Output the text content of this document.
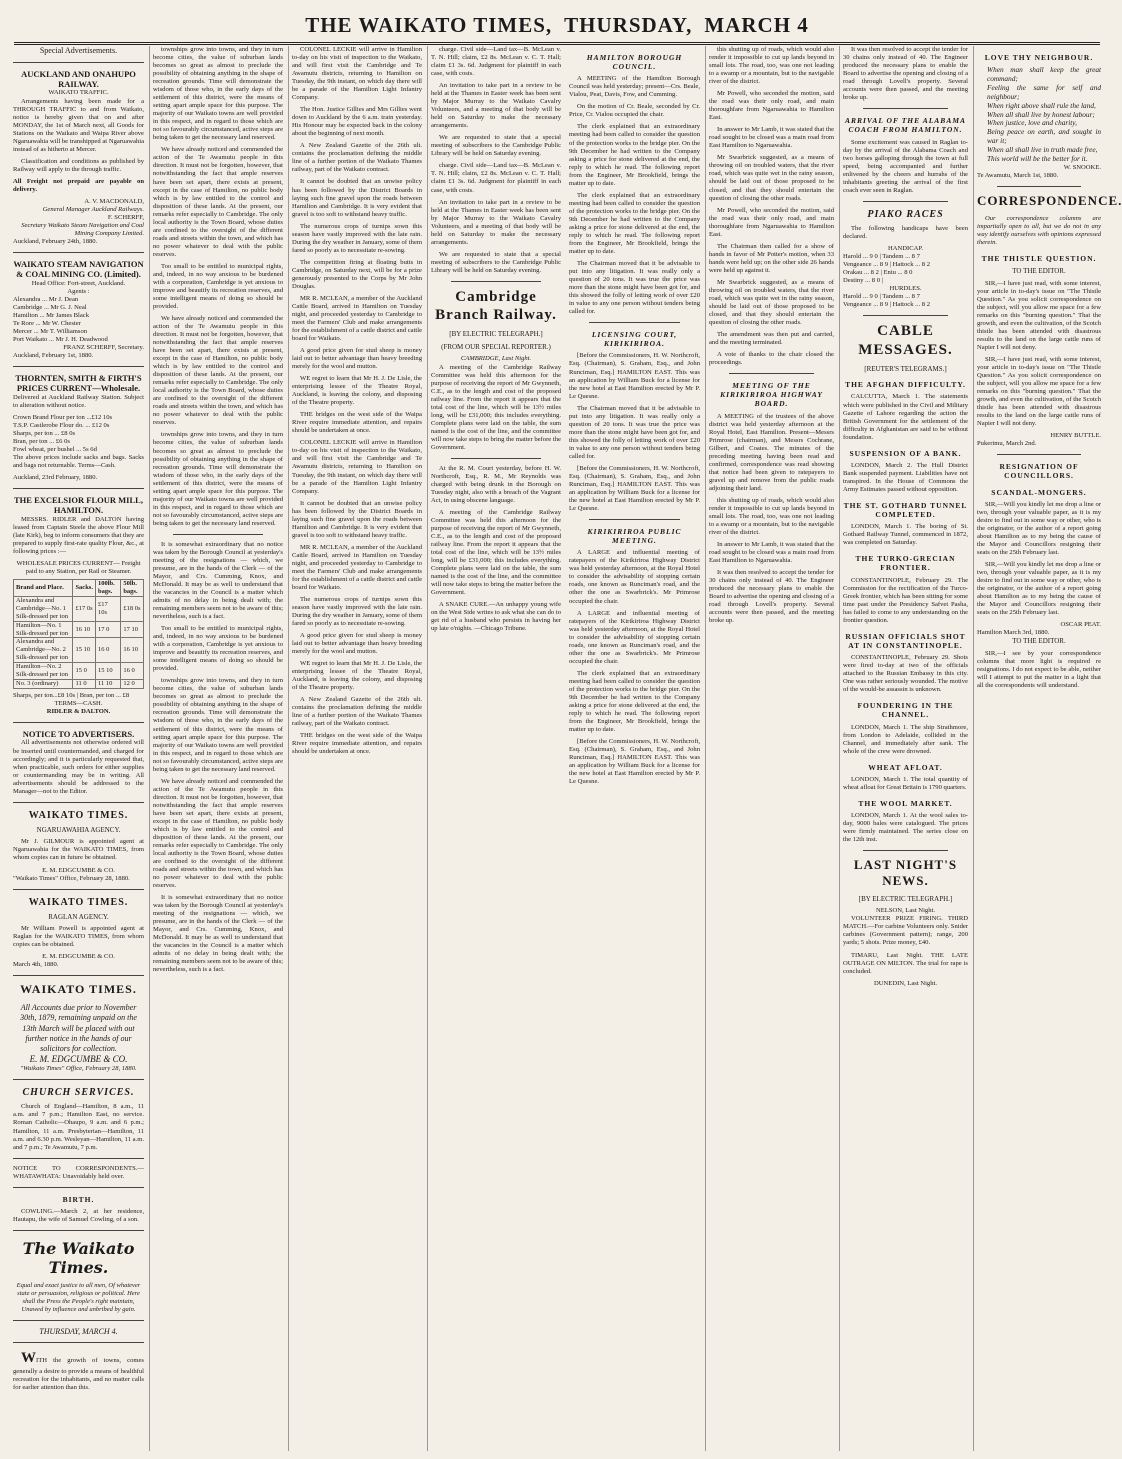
THE WAIKATO TIMES, THURSDAY, MARCH 4
Special Advertisements.
AUCKLAND AND ONAHUPO RAILWAY.
WAIKATO TRAFFIC.

Arrangements having been made for a THROUGH TRAFFIC to and from Waikato, notice is hereby given that on and after MONDAY, the 1st of March next, all Goods for Stations on the Waikato and Waipa River above Ngaruawahia will be transhipped at Ngaruawahia instead of as hitherto at Mercer.

Classification and conditions as published by Railway will apply to the through traffic.

All Freight not prepaid are payable on delivery.

A. V. MACDONALD,
General Manager Auckland Railways.
F. SCHERFF,
Secretary Waikato Steam Navigation and Coal Mining Company Limited.
Auckland, February 24th, 1880.
WAIKATO STEAM NAVIGATION & COAL MINING CO. (Limited).
Head Office: Fort-street, Auckland.
Agents :
Alexandra ... Mr J. Dean
Cambridge ... Mr G. J. Neal
Hamilton ... Mr James Black
Te Rore ... Mr W. Chester
Mercer ... Mr T. Williamson
Port Waikato ... Mr J. H. Deadwood
FRANZ SCHERFF, Secretary.
Auckland, February 1st, 1880.
THORNTEN, SMITH & FIRTH'S PRICES CURRENT—Wholesale.

Delivered at Auckland Railway Station. Subject to alteration without notice.

Crown Brand Flour per ton ...£12 10s
T.S.P. Castlerobe Flour do. ... £12 0s
Sharps, per ton ... £8 0s
Bran, per ton ... £6 0s
Fowl wheat, per bushel ... 5s 6d

The above prices include sacks and bags. Sacks and bags not returnable. Terms—Cash.

Auckland, 23rd February, 1880.
THE EXCELSIOR FLOUR MILL, HAMILTON.

MESSRS. RIDLER and DALTON having leased from Captain Steele the above Flour Mill (late Kirk), beg to inform consumers that they are prepared to supply first-rate quality Flour, &c., at following prices :—

WHOLESALE PRICES CURRENT— Freight paid to any Station, per Rail or Steamer.
Brand and Place.	Sacks.	100lb. bags.	50lb. bags.
Alexandra and Cambridge—No. 1 Silk-dressed per ton	£17 0s	£17 10s	£18 0s
Hamilton—No. 1 Silk-dressed per ton	16 10	17 0	17 10
Alexandra and Cambridge—No. 2 Silk-dressed per ton	15 10	16 0	16 10
Hamilton—No. 2 Silk-dressed per ton	15 0	15 10	16 0
No. 3 (ordinary)	11 0	11 10	12 0
Sharps, per ton...£8 10s | Bran, per ton ... £8
TERMS—CASH.
RIDLER & DALTON.
NOTICE TO ADVERTISERS.

All advertisements not otherwise ordered will be inserted until countermanded, and charged for accordingly; and it is particularly requested that, when practicable, such orders for either supplies or countermanding may be in writing. All advertisements should be addressed to the Manager—not to the Editor.

WAIKATO TIMES.
NGARUAWAHIA AGENCY.

Mr J. GILMOUR is appointed agent at Ngaruawahia for the WAIKATO TIMES, from whom copies can in future be obtained.

E. M. EDGCUMBE & CO.
"Waikato Times" Office, February 28, 1880.
WAIKATO TIMES.
RAGLAN AGENCY.

Mr William Powell is appointed agent at Raglan for the WAIKATO TIMES, from whom copies can be obtained.

E. M. EDGCUMBE & CO.
March 4th, 1880.
WAIKATO TIMES.
All Accounts due prior to November 30th, 1879, remaining unpaid on the 13th March will be placed with out further notice in the hands of our solicitors for collection.
E. M. EDGCUMBE & CO.
"Waikato Times" Office, February 28, 1880.
CHURCH SERVICES.

Church of England—Hamilton, 8 a.m., 11 a.m. and 7 p.m.; Hamilton East, no service. Roman Catholic—Ohaupo, 9 a.m. and 6 p.m.; Hamilton, 11 a.m. Presbyterian—Hamilton, 11 a.m. and 6.30 p.m. Wesleyan—Hamilton, 11 a.m. and 7 p.m.; Te Awamutu, 7 p.m.

NOTICE TO CORRESPONDENTS.—WHATAWHATA: Unavoidably held over.

BIRTH.

COWLING.—March 2, at her residence, Hautapu, the wife of Samuel Cowling, of a son.

The Waikato Times.
Equal and exact justice to all men, Of whatever state or persuasion, religious or political. Here shall the Press the People's right maintain, Unawed by influence and unbribed by gain.
THURSDAY, MARCH 4.

WITH the growth of towns, comes generally a desire to provide a means of healthful recreation for the inhabitants, and no matter calls for earlier attention than this.

townships grow into towns, and they in turn become cities, the value of suburban lands becomes so great as almost to preclude the possibility of obtaining anything in the shape of recreation grounds. Time will demonstrate the wisdom of those who, in the early days of the settlement of this district, were the means of setting apart ample space for this purpose. The majority of our Waikato towns are well provided in this respect, and in regard to those which are not so favourably circumstanced, active steps are being taken to get the necessary land reserved.

We have already noticed and commended the action of the Te Awamutu people in this direction. It must not be forgotten, however, that notwithstanding the fact that ample reserves have been set apart, there exists at present, except in the case of Hamilton, no public body which is by law entitled to the control and disposition of these lands. At the present, our remarks refer especially to Cambridge. The only local authority is the Town Board, whose duties are confined to the oversight of the different roads and streets within the town, and which has no power whatever to deal with the public reserves.

Too small to be entitled to municipal rights, and, indeed, in no way anxious to be burdened with a corporation, Cambridge is yet anxious to improve and beautify its recreation reserves, and some intelligent means of doing so should be provided.

We have already noticed and commended the action of the Te Awamutu people in this direction. It must not be forgotten, however, that notwithstanding the fact that ample reserves have been set apart, there exists at present, except in the case of Hamilton, no public body which is by law entitled to the control and disposition of these lands. At the present, our remarks refer especially to Cambridge. The only local authority is the Town Board, whose duties are confined to the oversight of the different roads and streets within the town, and which has no power whatever to deal with the public reserves.

townships grow into towns, and they in turn become cities, the value of suburban lands becomes so great as almost to preclude the possibility of obtaining anything in the shape of recreation grounds. Time will demonstrate the wisdom of those who, in the early days of the settlement of this district, were the means of setting apart ample space for this purpose. The majority of our Waikato towns are well provided in this respect, and in regard to those which are not so favourably circumstanced, active steps are being taken to get the necessary land reserved.

It is somewhat extraordinary that no notice was taken by the Borough Council at yesterday's meeting of the resignations — which, we presume, are in the hands of the Clerk — of the Mayor, and Crs. Cumming, Knox, and McDonald. It may be as well to understand that the vacancies in the Council is a matter which admits of no delay in being dealt with; the remaining members seem not to be aware of this; nevertheless, such is a fact.

Too small to be entitled to municipal rights, and, indeed, in no way anxious to be burdened with a corporation, Cambridge is yet anxious to improve and beautify its recreation reserves, and some intelligent means of doing so should be provided.

townships grow into towns, and they in turn become cities, the value of suburban lands becomes so great as almost to preclude the possibility of obtaining anything in the shape of recreation grounds. Time will demonstrate the wisdom of those who, in the early days of the settlement of this district, were the means of setting apart ample space for this purpose. The majority of our Waikato towns are well provided in this respect, and in regard to those which are not so favourably circumstanced, active steps are being taken to get the necessary land reserved.

We have already noticed and commended the action of the Te Awamutu people in this direction. It must not be forgotten, however, that notwithstanding the fact that ample reserves have been set apart, there exists at present, except in the case of Hamilton, no public body which is by law entitled to the control and disposition of these lands. At the present, our remarks refer especially to Cambridge. The only local authority is the Town Board, whose duties are confined to the oversight of the different roads and streets within the town, and which has no power whatever to deal with the public reserves.

It is somewhat extraordinary that no notice was taken by the Borough Council at yesterday's meeting of the resignations — which, we presume, are in the hands of the Clerk — of the Mayor, and Crs. Cumming, Knox, and McDonald. It may be as well to understand that the vacancies in the Council is a matter which admits of no delay in being dealt with; the remaining members seem not to be aware of this; nevertheless, such is a fact.

COLONEL LECKIE will arrive in Hamilton to-day on his visit of inspection to the Waikato, and will first visit the Cambridge and Te Awamutu districts, returning to Hamilton on Tuesday, the 9th instant, on which day there will be a parade of the Hamilton Light Infantry Company.

The Hon. Justice Gillies and Mrs Gillies went down to Auckland by the 6 a.m. train yesterday. His Honour may be expected back in the colony about the beginning of next month.

A New Zealand Gazette of the 26th ult. contains the proclamation defining the middle line of a further portion of the Waikato Thames railway, part of the Waikato contract.

It cannot be doubted that an unwise policy has been followed by the District Boards in laying such fine gravel upon the roads between Hamilton and Cambridge. It is very evident that gravel is too soft to withstand heavy traffic.

The numerous crops of turnips sown this season have vastly improved with the late rain. During the dry weather in January, some of them fared so poorly as to necessitate re-sowing.

The competition firing at floating butts in Cambridge, on Saturday next, will be for a prize generously presented to the Corps by Mr John Douglas.

MR R. MCLEAN, a member of the Auckland Cattle Board, arrived in Hamilton on Tuesday night, and proceeded yesterday to Cambridge to meet the Farmers' Club and make arrangements for the establishment of a cattle district and cattle board for Waikato.

A good price given for stud sheep is money laid out to better advantage than heavy breeding merely for the wool and mutton.

WE regret to learn that Mr H. J. De Lisle, the enterprising lessee of the Theatre Royal, Auckland, is leaving the colony, and disposing of the Theatre property.

THE bridges on the west side of the Waipa River require immediate attention, and repairs should be undertaken at once.

COLONEL LECKIE will arrive in Hamilton to-day on his visit of inspection to the Waikato, and will first visit the Cambridge and Te Awamutu districts, returning to Hamilton on Tuesday, the 9th instant, on which day there will be a parade of the Hamilton Light Infantry Company.

It cannot be doubted that an unwise policy has been followed by the District Boards in laying such fine gravel upon the roads between Hamilton and Cambridge. It is very evident that gravel is too soft to withstand heavy traffic.

MR R. MCLEAN, a member of the Auckland Cattle Board, arrived in Hamilton on Tuesday night, and proceeded yesterday to Cambridge to meet the Farmers' Club and make arrangements for the establishment of a cattle district and cattle board for Waikato.

The numerous crops of turnips sown this season have vastly improved with the late rain. During the dry weather in January, some of them fared so poorly as to necessitate re-sowing.

A good price given for stud sheep is money laid out to better advantage than heavy breeding merely for the wool and mutton.

WE regret to learn that Mr H. J. De Lisle, the enterprising lessee of the Theatre Royal, Auckland, is leaving the colony, and disposing of the Theatre property.

A New Zealand Gazette of the 26th ult. contains the proclamation defining the middle line of a further portion of the Waikato Thames railway, part of the Waikato contract.

THE bridges on the west side of the Waipa River require immediate attention, and repairs should be undertaken at once.

charge. Civil side—Land tax—B. McLean v. T. N. Hill; claim, £2 8s. McLean v. C. T. Hall; claim £1 3s. 6d. Judgment for plaintiff in each case, with costs.

An invitation to take part in a review to be held at the Thames in Easter week has been sent by Major Murray to the Waikato Cavalry Volunteers, and a meeting of that body will be held on Saturday to make the necessary arrangements.

We are requested to state that a special meeting of subscribers to the Cambridge Public Library will be held on Saturday evening.

charge. Civil side—Land tax—B. McLean v. T. N. Hill; claim, £2 8s. McLean v. C. T. Hall; claim £1 3s. 6d. Judgment for plaintiff in each case, with costs.

An invitation to take part in a review to be held at the Thames in Easter week has been sent by Major Murray to the Waikato Cavalry Volunteers, and a meeting of that body will be held on Saturday to make the necessary arrangements.

We are requested to state that a special meeting of subscribers to the Cambridge Public Library will be held on Saturday evening.

Cambridge Branch Railway.
[BY ELECTRIC TELEGRAPH.]
(FROM OUR SPECIAL REPORTER.)
CAMBRIDGE, Last Night.

A meeting of the Cambridge Railway Committee was held this afternoon for the purpose of receiving the report of Mr Gwynneth, C.E., as to the length and cost of the proposed railway line. From the report it appears that the total cost of the line, which will be 13½ miles long, will be £31,000; this includes everything. Complete plans were laid on the table, the sum named is the cost of the line, and the committee will now take steps to bring the matter before the Government.

At the R. M. Court yesterday, before H. W. Northcroft, Esq., R. M., Mr Reynolds was charged with being drunk in the Borough on Tuesday night, also with a breach of the Vagrant Act, in using obscene language.

A meeting of the Cambridge Railway Committee was held this afternoon for the purpose of receiving the report of Mr Gwynneth, C.E., as to the length and cost of the proposed railway line. From the report it appears that the total cost of the line, which will be 13½ miles long, will be £31,000; this includes everything. Complete plans were laid on the table, the sum named is the cost of the line, and the committee will now take steps to bring the matter before the Government.

A SNAKE CURE.—An unhappy young wife on the West Side writes to ask what she can do to get rid of a husband who persists in having her up late o'nights. —Chicago Tribune.

HAMILTON BOROUGH COUNCIL.

A MEETING of the Hamilton Borough Council was held yesterday; present—Crs. Beale, Vialou, Peat, Davis, Fow, and Cumming.

On the motion of Cr. Beale, seconded by Cr. Price, Cr. Vialou occupied the chair.

The clerk explained that an extraordinary meeting had been called to consider the question of the protection works to the bridge pier. On the 9th December he had written to the Company asking a price for stone delivered at the end, the reply to which he read. The following report from the Engineer, Mr Brookfield, brings the matter up to date.

The clerk explained that an extraordinary meeting had been called to consider the question of the protection works to the bridge pier. On the 9th December he had written to the Company asking a price for stone delivered at the end, the reply to which he read. The following report from the Engineer, Mr Brookfield, brings the matter up to date.

The Chairman moved that it be advisable to put into any litigation. It was really only a question of 20 tons. It was true the price was more than the stone might have been got for, and this showed the folly of letting work of over £20 in value to any one person without tenders being called for.

LICENSING COURT, KIRIKIRIROA.

[Before the Commissioners, H. W. Northcroft, Esq. (Chairman), S. Graham, Esq., and John Runciman, Esq.] HAMILTON EAST. This was an application by William Buck for a license for the new hotel at East Hamilton erected by Mr P. Le Quesne.

The Chairman moved that it be advisable to put into any litigation. It was really only a question of 20 tons. It was true the price was more than the stone might have been got for, and this showed the folly of letting work of over £20 in value to any one person without tenders being called for.

[Before the Commissioners, H. W. Northcroft, Esq. (Chairman), S. Graham, Esq., and John Runciman, Esq.] HAMILTON EAST. This was an application by William Buck for a license for the new hotel at East Hamilton erected by Mr P. Le Quesne.

KIRIKIRIROA PUBLIC MEETING.

A LARGE and influential meeting of ratepayers of the Kirikiriroa Highway District was held yesterday afternoon, at the Royal Hotel to consider the advisability of stopping certain roads, one known as Runciman's road, and the other the one as Swarbrick's. Mr Primrose occupied the chair.

A LARGE and influential meeting of ratepayers of the Kirikiriroa Highway District was held yesterday afternoon, at the Royal Hotel to consider the advisability of stopping certain roads, one known as Runciman's road, and the other the one as Swarbrick's. Mr Primrose occupied the chair.

The clerk explained that an extraordinary meeting had been called to consider the question of the protection works to the bridge pier. On the 9th December he had written to the Company asking a price for stone delivered at the end, the reply to which he read. The following report from the Engineer, Mr Brookfield, brings the matter up to date.

[Before the Commissioners, H. W. Northcroft, Esq. (Chairman), S. Graham, Esq., and John Runciman, Esq.] HAMILTON EAST. This was an application by William Buck for a license for the new hotel at East Hamilton erected by Mr P. Le Quesne.

this shutting up of roads, which would also render it impossible to cut up lands beyond in small lots. The road, too, was one not leading to a swamp or a mountain, but to the navigable river of the district.

Mr Powell, who seconded the motion, said the road was their only road, and main thoroughfare from Ngaruawahia to Hamilton East.

In answer to Mr Lamb, it was stated that the road sought to be closed was a main road from East Hamilton to Ngaruawahia.

Mr Swarbrick suggested, as a means of throwing oil on troubled waters, that the river road, which was quite wet in the rainy season, should be laid out of those proposed to be closed, and that they should entertain the question of closing the other roads.

Mr Powell, who seconded the motion, said the road was their only road, and main thoroughfare from Ngaruawahia to Hamilton East.

The Chairman then called for a show of hands in favor of Mr Potter's motion, when 33 hands were held up; on the other side 26 hands were held up against it.

Mr Swarbrick suggested, as a means of throwing oil on troubled waters, that the river road, which was quite wet in the rainy season, should be laid out of those proposed to be closed, and that they should entertain the question of closing the other roads.

The amendment was then put and carried, and the meeting terminated.

A vote of thanks to the chair closed the proceedings.

MEETING OF THE KIRIKIRIROA HIGHWAY BOARD.

A MEETING of the trustees of the above district was held yesterday afternoon at the Royal Hotel, East Hamilton. Present—Messrs Primrose (chairman), and Messrs Cochrane, Gilbert, and Coates. The minutes of the preceding meeting having been read and confirmed, correspondence was read showing that notice had been given to ratepayers to gravel up and remove from the public roads adjoining their land.

this shutting up of roads, which would also render it impossible to cut up lands beyond in small lots. The road, too, was one not leading to a swamp or a mountain, but to the navigable river of the district.

In answer to Mr Lamb, it was stated that the road sought to be closed was a main road from East Hamilton to Ngaruawahia.

It was then resolved to accept the tender for 30 chains only instead of 40. The Engineer produced the necessary plans to enable the Board to advertise the opening and closing of a road through Lovell's property. Several accounts were then passed, and the meeting broke up.

It was then resolved to accept the tender for 30 chains only instead of 40. The Engineer produced the necessary plans to enable the Board to advertise the opening and closing of a road through Lovell's property. Several accounts were then passed, and the meeting broke up.

ARRIVAL OF THE ALABAMA COACH FROM HAMILTON.

Some excitement was caused in Raglan to-day by the arrival of the Alabama Coach and two horses galloping through the town at full speed, being accompanied and further enlivened by the cheers and hurrahs of the inhabitants greeting the arrival of the first coach ever seen in Raglan.

PIAKO RACES

The following handicaps have been declared.

HANDICAP.
Harold ... 9 0 | Tandem ... 8 7
Vengeance ... 8 9 | Hattock ... 8 2
Orakau ... 8 2 | Eniu ... 8 0
Destiny ... 8 0 |
HURDLES.
Harold ... 9 0 | Tandem ... 8 7
Vengeance ... 8 9 | Hattock ... 8 2
CABLE MESSAGES.
[REUTER'S TELEGRAMS.]
THE AFGHAN DIFFICULTY.

CALCUTTA, March 1. The statements which were published in the Civil and Military Gazette of Lahore regarding the action the British Government for the settlement of the difficulty in Afghanistan are said to be without foundation.

SUSPENSION OF A BANK.

LONDON, March 2. The Hull District Bank suspended payment. Liabilities have not transpired. In the House of Commons the Army Estimates passed without opposition.

THE ST. GOTHARD TUNNEL COMPLETED.

LONDON, March 1. The boring of St. Gothard Railway Tunnel, commenced in 1872, was completed on Saturday.

THE TURKO-GRECIAN FRONTIER.

CONSTANTINOPLE, February 29. The Commission for the rectification of the Turco-Greek frontier, which has been sitting for some time past under the Presidency Safvet Pasha, has failed to come to any understanding on the frontier question.

RUSSIAN OFFICIALS SHOT AT IN CONSTANTINOPLE.

CONSTANTINOPLE, February 29. Shots were fired to-day at two of the officials attached to the Russian Embassy in this city. One was rather seriously wounded. The motive of the would-be assassin is unknown.

FOUNDERING IN THE CHANNEL.

LONDON, March 1. The ship Strathmore, from London to Adelaide, collided in the Channel, and immediately after sank. The whole of the crew were drowned.

WHEAT AFLOAT.

LONDON, March 1. The total quantity of wheat afloat for Great Britain is 1790 quarters.

THE WOOL MARKET.

LONDON, March 1. At the wool sales to-day, 9000 bales were catalogued. The prices were firmly maintained. The series close on the 12th inst.

LAST NIGHT'S NEWS.
[BY ELECTRIC TELEGRAPH.]
NELSON, Last Night.

VOLUNTEER PRIZE FIRING. THIRD MATCH.—For carbine Volunteers only. Snider carbines (Government pattern); range, 200 yards; 5 shots. Prize money, £40.

TIMARU, Last Night. THE LATE OUTRAGE ON MILTON. The trial for rape is concluded.

DUNEDIN, Last Night.
LOVE THY NEIGHBOUR.
When man shall keep the great command;
Feeling the same for self and neighbour;
When right above shall rule the land,
When all shall live by honest labour;
When justice, love and charity,
Being peace on earth, and sought in war it;
When all shall live in truth made free,
This world will be the better for it.
W. SNOOKE.
Te Awamutu, March 1st, 1880.
CORRESPONDENCE.

Our correspondence columns are impartially open to all, but we do not in any way identify ourselves with opinions expressed therein.

THE THISTLE QUESTION.
TO THE EDITOR.

SIR,—I have just read, with some interest, your article in to-day's issue on "The Thistle Question." As you solicit correspondence on the subject, will you allow me space for a few remarks on this "burning question." That the growth, and even the cultivation, of the Scotch thistle has been attended with disastrous results to the land on the large cattle runs of Napier I will not deny.

SIR,—I have just read, with some interest, your article in to-day's issue on "The Thistle Question." As you solicit correspondence on the subject, will you allow me space for a few remarks on this "burning question." That the growth, and even the cultivation, of the Scotch thistle has been attended with disastrous results to the land on the large cattle runs of Napier I will not deny.

HENRY BUTTLE.
Pukerimu, March 2nd.
RESIGNATION OF COUNCILLORS.
SCANDAL-MONGERS.

SIR,—Will you kindly let me drop a line or two, through your valuable paper, as it is my desire to find out in some way or other, who is the originator, or the author of a report going about Hamilton as to my being the cause of the Mayor and Councillors resigning their seats on the 25th February last.

SIR,—Will you kindly let me drop a line or two, through your valuable paper, as it is my desire to find out in some way or other, who is the originator, or the author of a report going about Hamilton as to my being the cause of the Mayor and Councillors resigning their seats on the 25th February last.

OSCAR PEAT.
Hamilton March 3rd, 1880.
TO THE EDITOR.

SIR,—I see by your correspondence columns that more light is required re resignations. I do not expect to be able, neither will I attempt to put the matter in a light that all the correspondents will understand.
